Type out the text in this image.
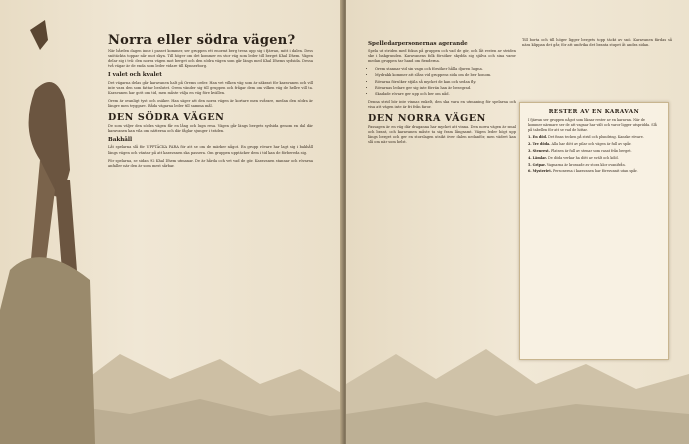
Norra eller södra vägen?

När bården dagen inne i passet kommer, ser gruppen ett enormt berg tresa upp sig i fjärran, mitt i dalen. Dess snötäckta toppar når mot skyn. Till höger om det kommer en stor väg som leder till berget Khal Dhem. Vägen delar sig i två: den norra vägen mot berget och den södra vägen som går längs med Khal Dhems sydsida. Dessa två vägar är de enda som leder vidare till Kynnerborg.

I valet och kvalet

Det vägarna delas går karavanen halt på Orems order. Han vet vilken väg som är säkrast för karavanen och vill inte vara den som fattar beslutet. Orem vänder sig till gruppen och frågar dem om vilken väg de hellre vill ta. Karavanen har gott om tid, men måste välja en väg före kvällen.

Orem är ovanligt tyst och osäker. Han säger att den norra vägen är kortare men svårare, medan den södra är längre men tryggare. Båda vägarna leder till samma mål.

DEN SÖDRA VÄGEN

De som väljer den södra vägen får en lång och lugn resa. Vägen går längs bergets sydsida genom en dal där karavanen kan vila om nätterna och där fåglar sjunger i träden.

Bakhåll

Låt spelarna slå för UPPTÄCKA FARA för att se om de märker något. En grupp rövare har lagt sig i bakhåll längs vägen och väntar på att karavanen ska passera. Om gruppen upptäcker dem i tid kan de förbereda sig.

För spelarna, se sidan 92 Khal Dhem utmanar. De är hårda och vet vad de gör. Karavanen stannar och rövarna anfaller när den är som mest sårbar.

Spelledarpersonernas agerande

Spela ut striden med fokus på gruppen och vad de gör, och låt resten av striden ske i bakgrunden. Karavanens folk försöker skydda sig själva och sina varor medan gruppen tar hand om fienderna.

• Orem stannar vid sin vagn och försöker hålla djuren lugna.
• Mydrakk kommer att slåss vid gruppens sida om de ber honom.
• Rövarna försöker stjäla så mycket de kan och sedan fly.
• Rövarnas ledare ger sig inte förrän han är besegrad.
• Skadade rövare ger upp och ber om nåd.

Denna strid bör inte vinnas enkelt, den ska vara en utmaning för spelarna och visa att vägen inte är fri från faror.

DEN NORRA VÄGEN

Passagen är en väg där draganna har mycket att vinna. Den norra vägen är smal och brant, och karavanen måste ta sig fram långsamt. Vägen leder högt upp längs berget och ger en storslagen utsikt över dalen nedanför, men vädret kan slå om när som helst.

Till borta och till höger ligger bergets topp täckt av snö. Karavanen färdas så nära klippan det går, för att undvika det branta stupet åt andra sidan.

RESTER AV EN KARAVAN

I fjärran ser gruppen något som liknar rester av en karavan. När de kommer närmare ser de att vagnar har vält och varor ligger utspridda. Slå på tabellen för att se vad de hittar.

1. En död. Det finns tecken på strid och plundring. Kanske rövare.
2. Tre döda. Alla har dött av pilar och vägen är full av spår.
3. Stenrest. Platsen är full av stenar som rasat från berget.
4. Lämlar. De döda verkar ha dött av svält och köld.
5. Gripar. Vagnarna är krossade av stora klor ovanifrån.
6. Mysteriet. Personerna i karavanen har försvunnit utan spår.
